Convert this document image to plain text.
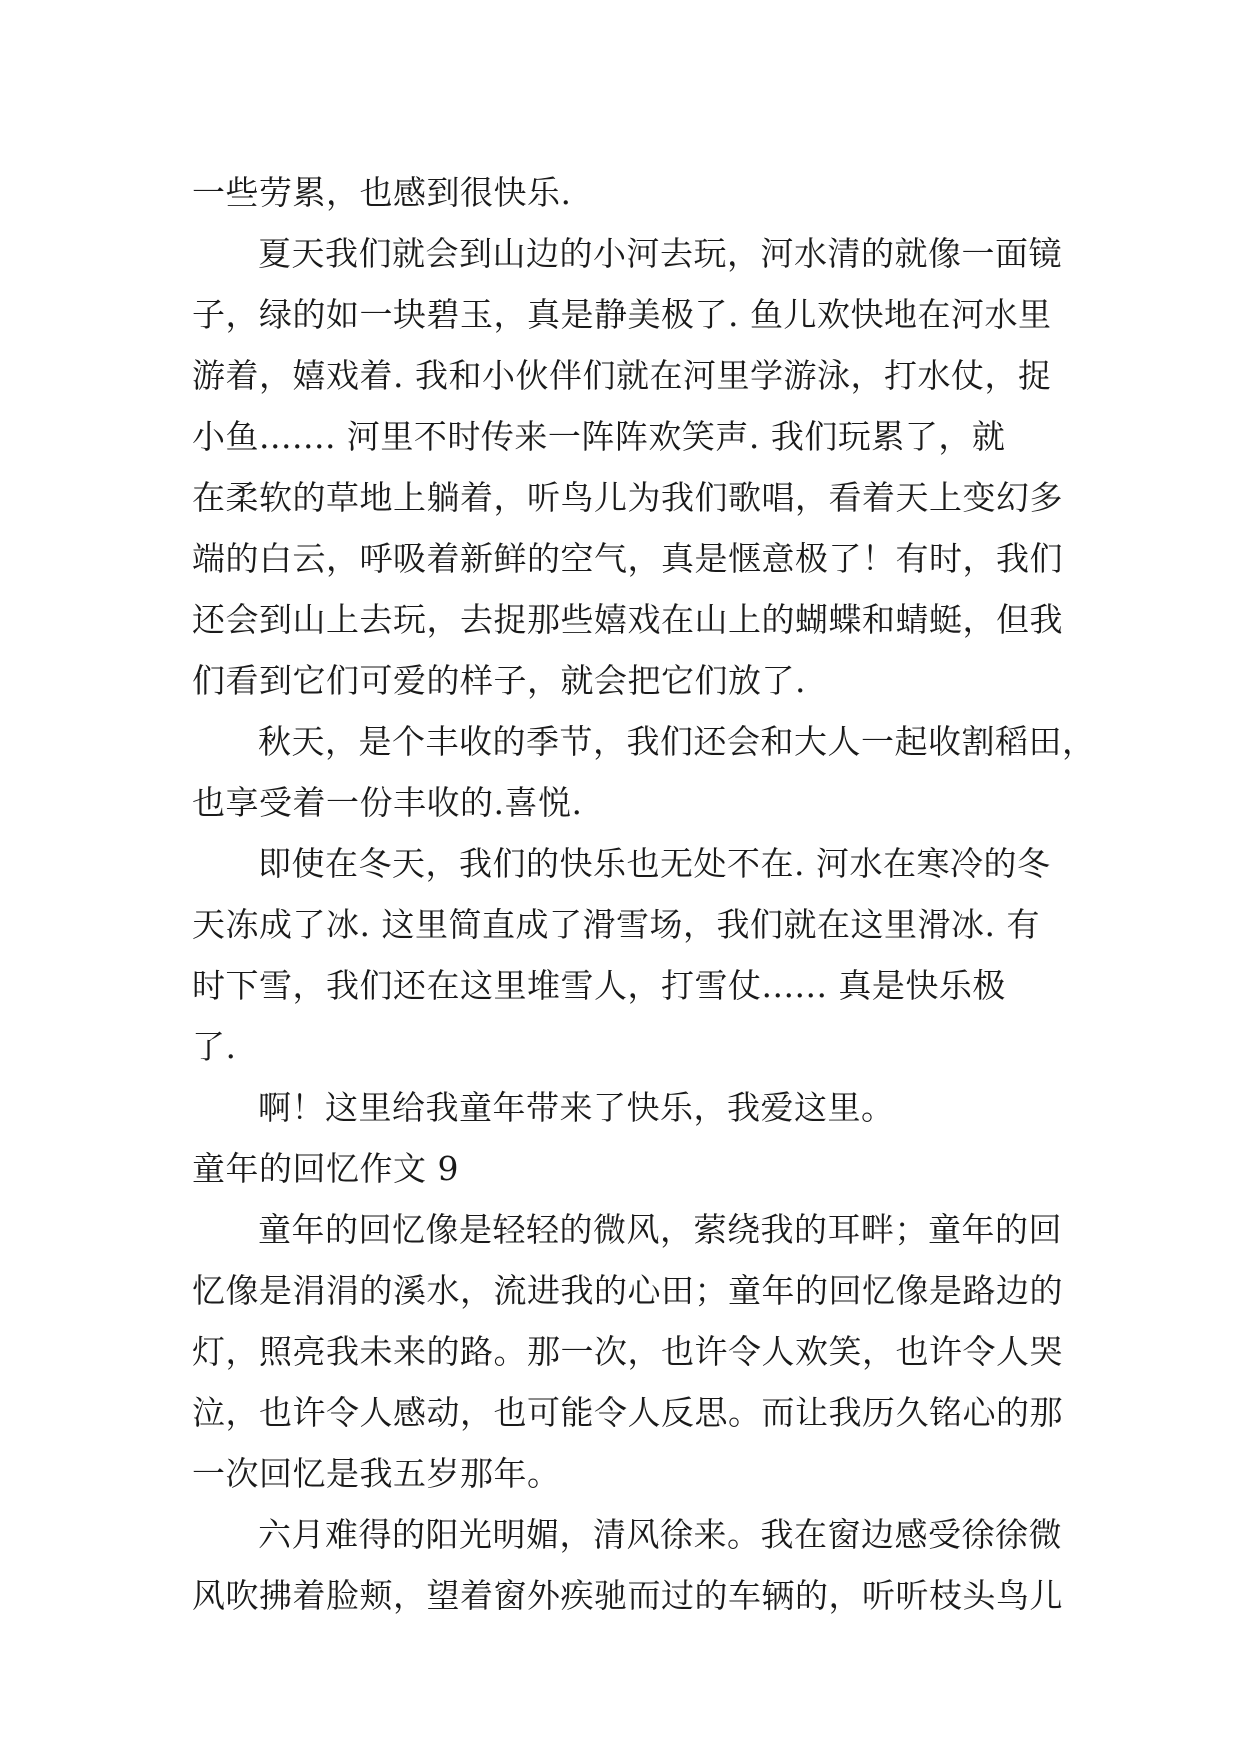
一些劳累，也感到很快乐.
夏天我们就会到山边的小河去玩，河水清的就像一面镜
子，绿的如一块碧玉，真是静美极了. 鱼儿欢快地在河水里
游着，嬉戏着. 我和小伙伴们就在河里学游泳，打水仗，捉
小鱼....... 河里不时传来一阵阵欢笑声. 我们玩累了，就
在柔软的草地上躺着，听鸟儿为我们歌唱，看着天上变幻多
端的白云，呼吸着新鲜的空气，真是惬意极了！有时，我们
还会到山上去玩，去捉那些嬉戏在山上的蝴蝶和蜻蜓，但我
们看到它们可爱的样子，就会把它们放了.
秋天，是个丰收的季节，我们还会和大人一起收割稻田，
也享受着一份丰收的.喜悦.
即使在冬天，我们的快乐也无处不在. 河水在寒冷的冬
天冻成了冰. 这里简直成了滑雪场，我们就在这里滑冰. 有
时下雪，我们还在这里堆雪人，打雪仗...... 真是快乐极
了.
啊！这里给我童年带来了快乐，我爱这里。
童年的回忆作文 9
童年的回忆像是轻轻的微风，萦绕我的耳畔；童年的回
忆像是涓涓的溪水，流进我的心田；童年的回忆像是路边的
灯，照亮我未来的路。那一次，也许令人欢笑，也许令人哭
泣，也许令人感动，也可能令人反思。而让我历久铭心的那
一次回忆是我五岁那年。
六月难得的阳光明媚，清风徐来。我在窗边感受徐徐微
风吹拂着脸颊，望着窗外疾驰而过的车辆的，听听枝头鸟儿
